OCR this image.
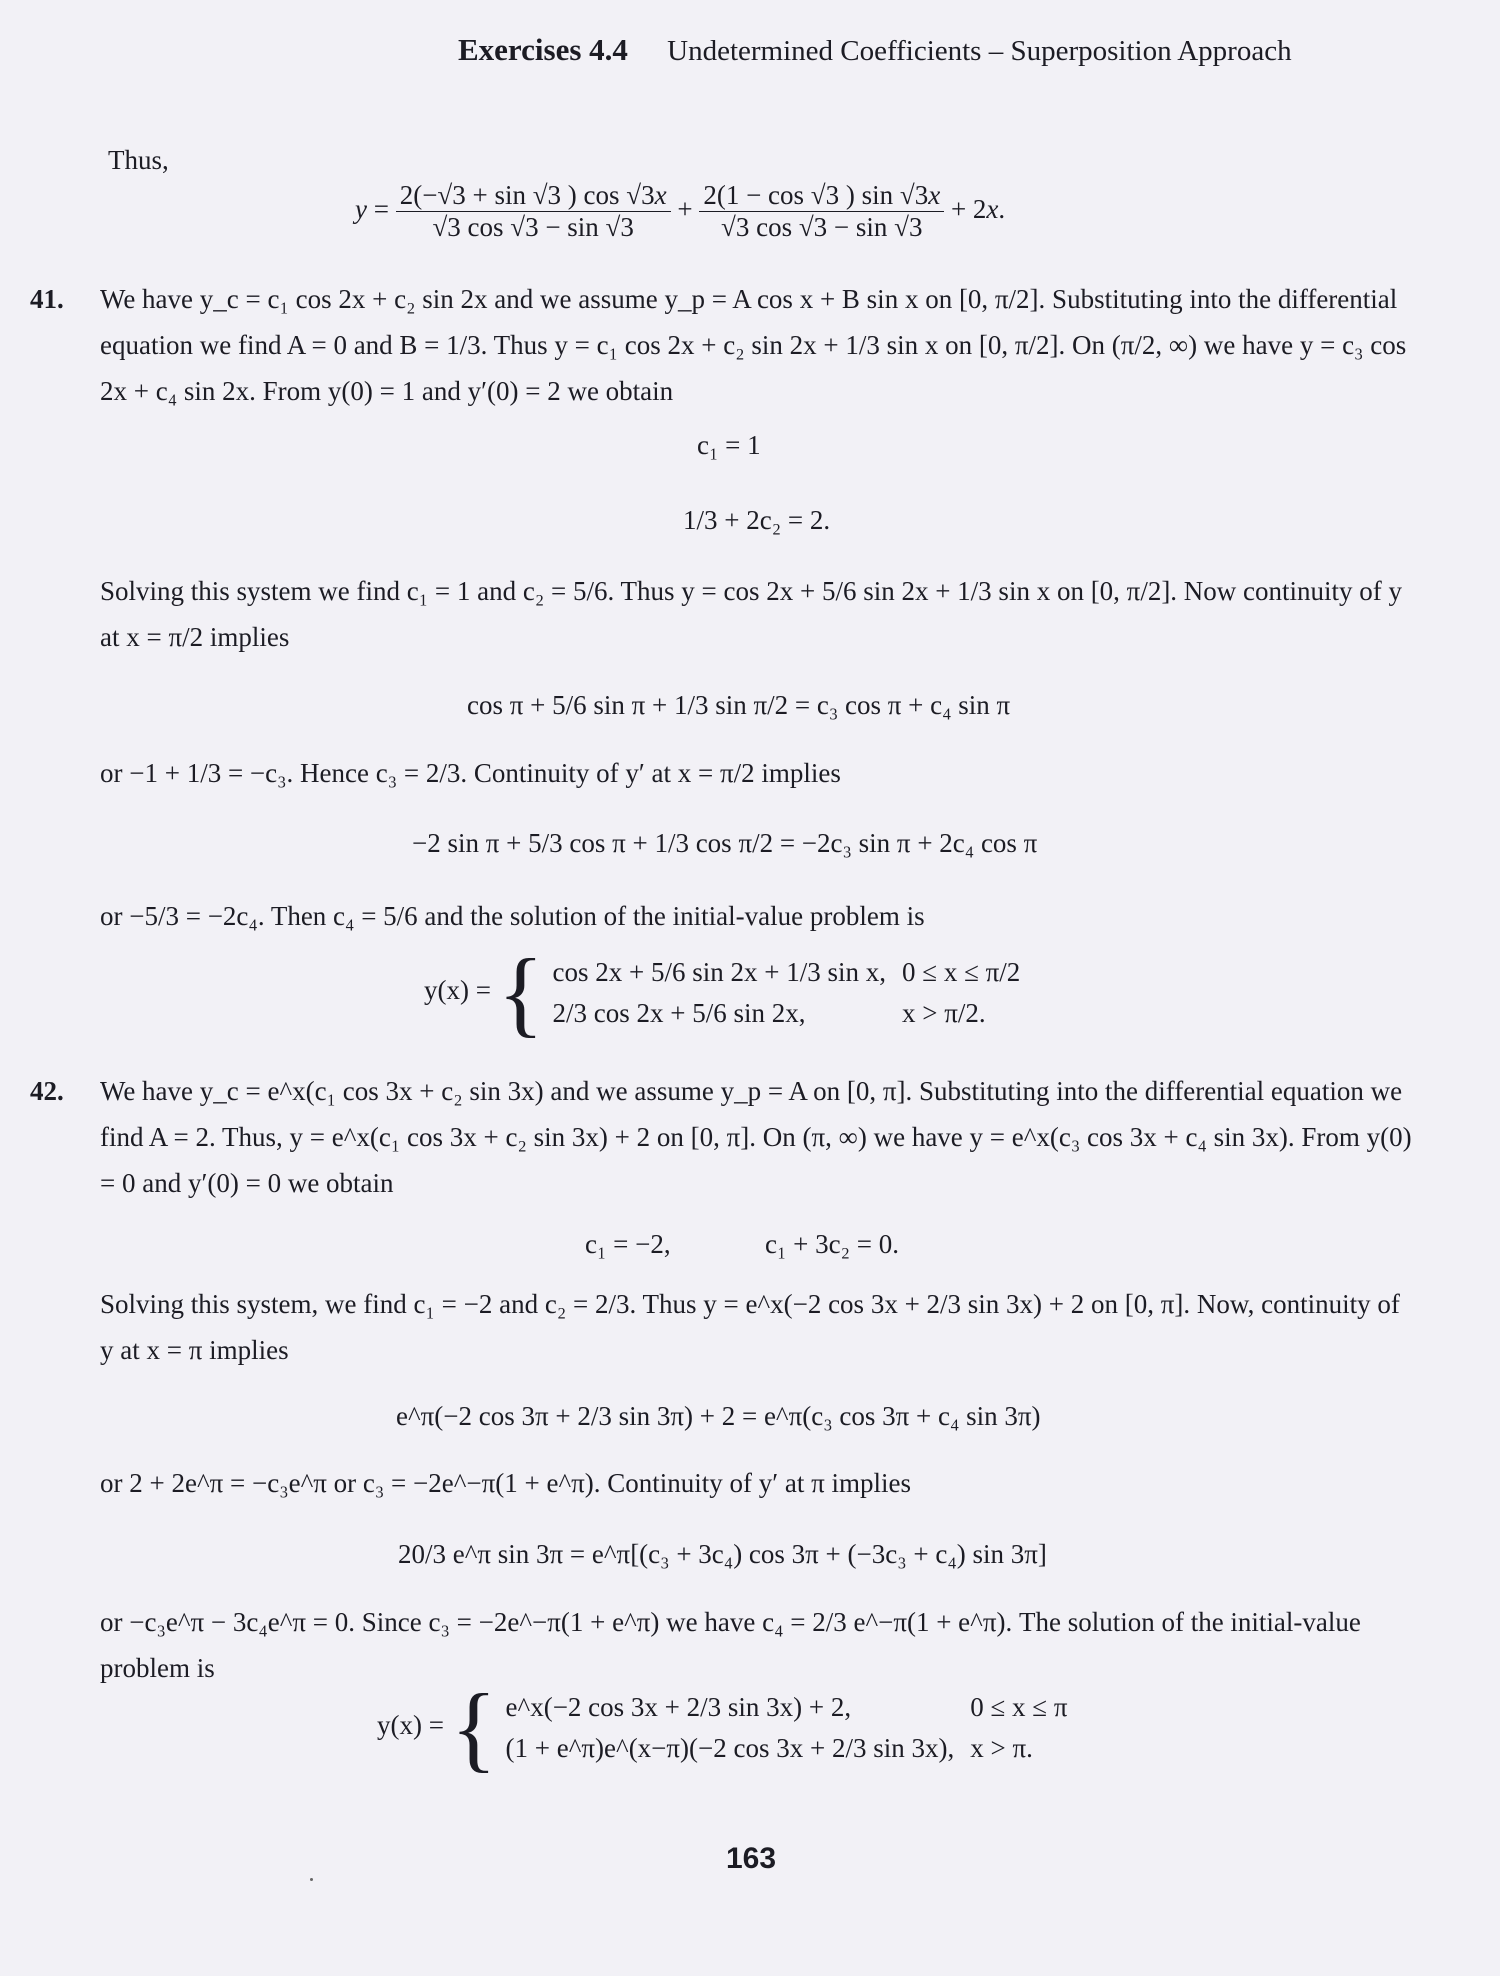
Exercises 4.4 Undetermined Coefficients – Superposition Approach
Thus,
$y = \frac{2(-√3 + \sin √3 ) \cos √3x}{√3 \cos √3 - \sin √3} + \frac{2(1 - \cos √3 ) \sin √3x}{√3 \cos √3 - \sin √3} + 2x$.
41. We have y_c = c₁ cos 2x + c₂ sin 2x and we assume y_p = A cos x + B sin x on [0, π/2]. Substituting into the differential equation we find A = 0 and B = 1/3. Thus y = c₁ cos 2x + c₂ sin 2x + 1/3 sin x on [0, π/2]. On (π/2, ∞) we have y = c₃ cos 2x + c₄ sin 2x. From y(0) = 1 and y′(0) = 2 we obtain
c₁ = 1
1/3 + 2c₂ = 2.
Solving this system we find c₁ = 1 and c₂ = 5/6. Thus y = cos 2x + 5/6 sin 2x + 1/3 sin x on [0, π/2]. Now continuity of y at x = π/2 implies
cos π + 5/6 sin π + 1/3 sin π/2 = c₃ cos π + c₄ sin π
or −1 + 1/3 = −c₃. Hence c₃ = 2/3. Continuity of y′ at x = π/2 implies
−2 sin π + 5/3 cos π + 1/3 cos π/2 = −2c₃ sin π + 2c₄ cos π
or −5/3 = −2c₄. Then c₄ = 5/6 and the solution of the initial-value problem is
y(x) = { cos 2x + 5/6 sin 2x + 1/3 sin x,	0 ≤ x ≤ π/2
2/3 cos 2x + 5/6 sin 2x,	x > π/2.
42. We have y_c = e^x(c₁ cos 3x + c₂ sin 3x) and we assume y_p = A on [0, π]. Substituting into the differential equation we find A = 2. Thus, y = e^x(c₁ cos 3x + c₂ sin 3x) + 2 on [0, π]. On (π, ∞) we have y = e^x(c₃ cos 3x + c₄ sin 3x). From y(0) = 0 and y′(0) = 0 we obtain
c₁ = −2,	c₁ + 3c₂ = 0.
Solving this system, we find c₁ = −2 and c₂ = 2/3. Thus y = e^x(−2 cos 3x + 2/3 sin 3x) + 2 on [0, π]. Now, continuity of y at x = π implies
e^π(−2 cos 3π + 2/3 sin 3π) + 2 = e^π(c₃ cos 3π + c₄ sin 3π)
or 2 + 2e^π = −c₃e^π or c₃ = −2e^−π(1 + e^π). Continuity of y′ at π implies
20/3 e^π sin 3π = e^π[(c₃ + 3c₄) cos 3π + (−3c₃ + c₄) sin 3π]
or −c₃e^π − 3c₄e^π = 0. Since c₃ = −2e^−π(1 + e^π) we have c₄ = 2/3 e^−π(1 + e^π). The solution of the initial-value problem is
y(x) = { e^x(−2 cos 3x + 2/3 sin 3x) + 2,	0 ≤ x ≤ π
(1 + e^π)e^(x−π)(−2 cos 3x + 2/3 sin 3x),	x > π.
163
